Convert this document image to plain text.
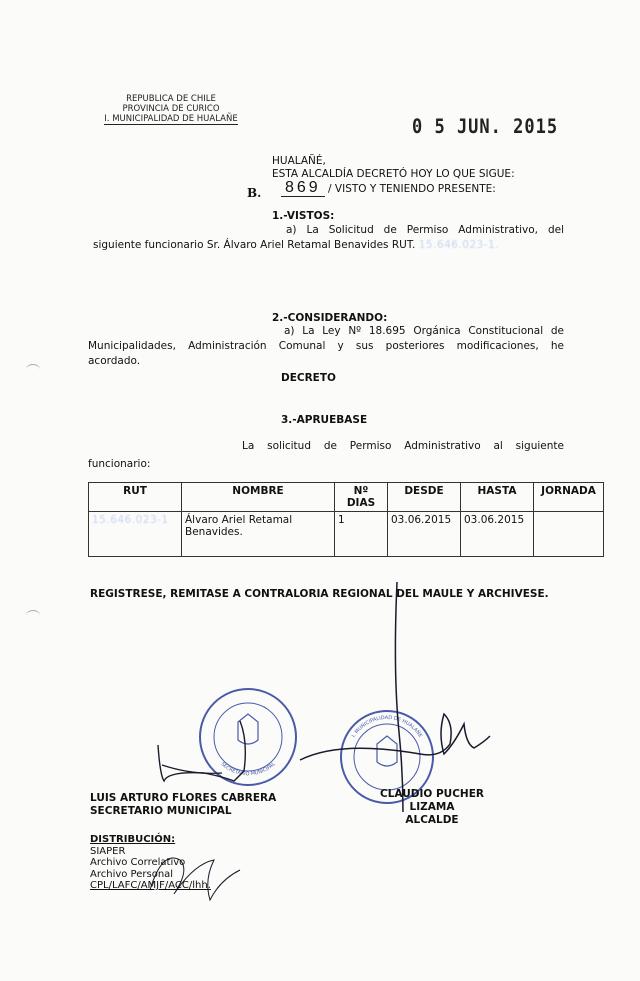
REPUBLICA DE CHILE
PROVINCIA DE CURICO
I. MUNICIPALIDAD DE HUALAÑE	0 5 JUN. 2015
HUALAÑÉ,
ESTA ALCALDÍA DECRETÓ HOY LO QUE SIGUE:
B. 869 / VISTO Y TENIENDO PRESENTE:
1.-VISTOS:
a) La Solicitud de Permiso Administrativo, del
siguiente funcionario Sr. Álvaro Ariel Retamal Benavides RUT. 15.646.023-1.
2.-CONSIDERANDO:
a) La Ley Nº 18.695 Orgánica Constitucional de
Municipalidades, Administración Comunal y sus posteriores modificaciones, he
acordado.
DECRETO
3.-APRUEBASE
La solicitud de Permiso Administrativo al siguiente
funcionario:
RUT	NOMBRE	Nº DIAS	DESDE	HASTA	JORNADA
15.646.023-1	Álvaro Ariel Retamal Benavides.	1	03.06.2015	03.06.2015	
REGISTRESE, REMITASE A CONTRALORIA REGIONAL DEL MAULE Y ARCHIVESE.
SECRETARIO MUNICIPAL
I. MUNICIPALIDAD DE HUALAÑE
LUIS ARTURO FLORES CABRERA
SECRETARIO MUNICIPAL
CLAUDIO PUCHER LIZAMA
ALCALDE
DISTRIBUCIÓN:
SIAPER
Archivo Correlativo
Archivo Personal
CPL/LAFC/AMJF/ACC/lhh.
